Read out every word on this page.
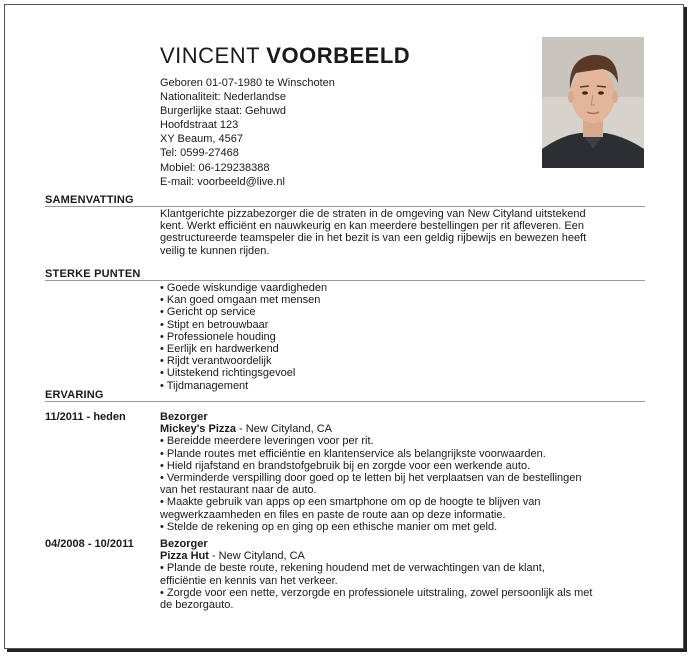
VINCENT VOORBEELD
Geboren 01-07-1980 te Winschoten
Nationaliteit: Nederlandse
Burgerlijke staat: Gehuwd
Hoofdstraat 123
XY Beaum, 4567
Tel: 0599-27468
Mobiel: 06-129238388
E-mail: voorbeeld@live.nl
SAMENVATTING
Klantgerichte pizzabezorger die de straten in de omgeving van New Cityland uitstekend
kent. Werkt efficiënt en nauwkeurig en kan meerdere bestellingen per rit afleveren. Een
gestructureerde teamspeler die in het bezit is van een geldig rijbewijs en bewezen heeft
veilig te kunnen rijden.
STERKE PUNTEN
• Goede wiskundige vaardigheden
• Kan goed omgaan met mensen
• Gericht op service
• Stipt en betrouwbaar
• Professionele houding
• Eerlijk en hardwerkend
• Rijdt verantwoordelijk
• Uitstekend richtingsgevoel
• Tijdmanagement
ERVARING
11/2011 - heden	Bezorger
Mickey's Pizza - New Cityland, CA
• Bereidde meerdere leveringen voor per rit.
• Plande routes met efficiëntie en klantenservice als belangrijkste voorwaarden.
• Hield rijafstand en brandstofgebruik bij en zorgde voor een werkende auto.
• Verminderde verspilling door goed op te letten bij het verplaatsen van de bestellingen
van het restaurant naar de auto.
• Maakte gebruik van apps op een smartphone om op de hoogte te blijven van
wegwerkzaamheden en files en paste de route aan op deze informatie.
• Stelde de rekening op en ging op een ethische manier om met geld.
04/2008 - 10/2011 Bezorger
Pizza Hut - New Cityland, CA
• Plande de beste route, rekening houdend met de verwachtingen van de klant,
efficiëntie en kennis van het verkeer.
• Zorgde voor een nette, verzorgde en professionele uitstraling, zowel persoonlijk als met
de bezorgauto.
